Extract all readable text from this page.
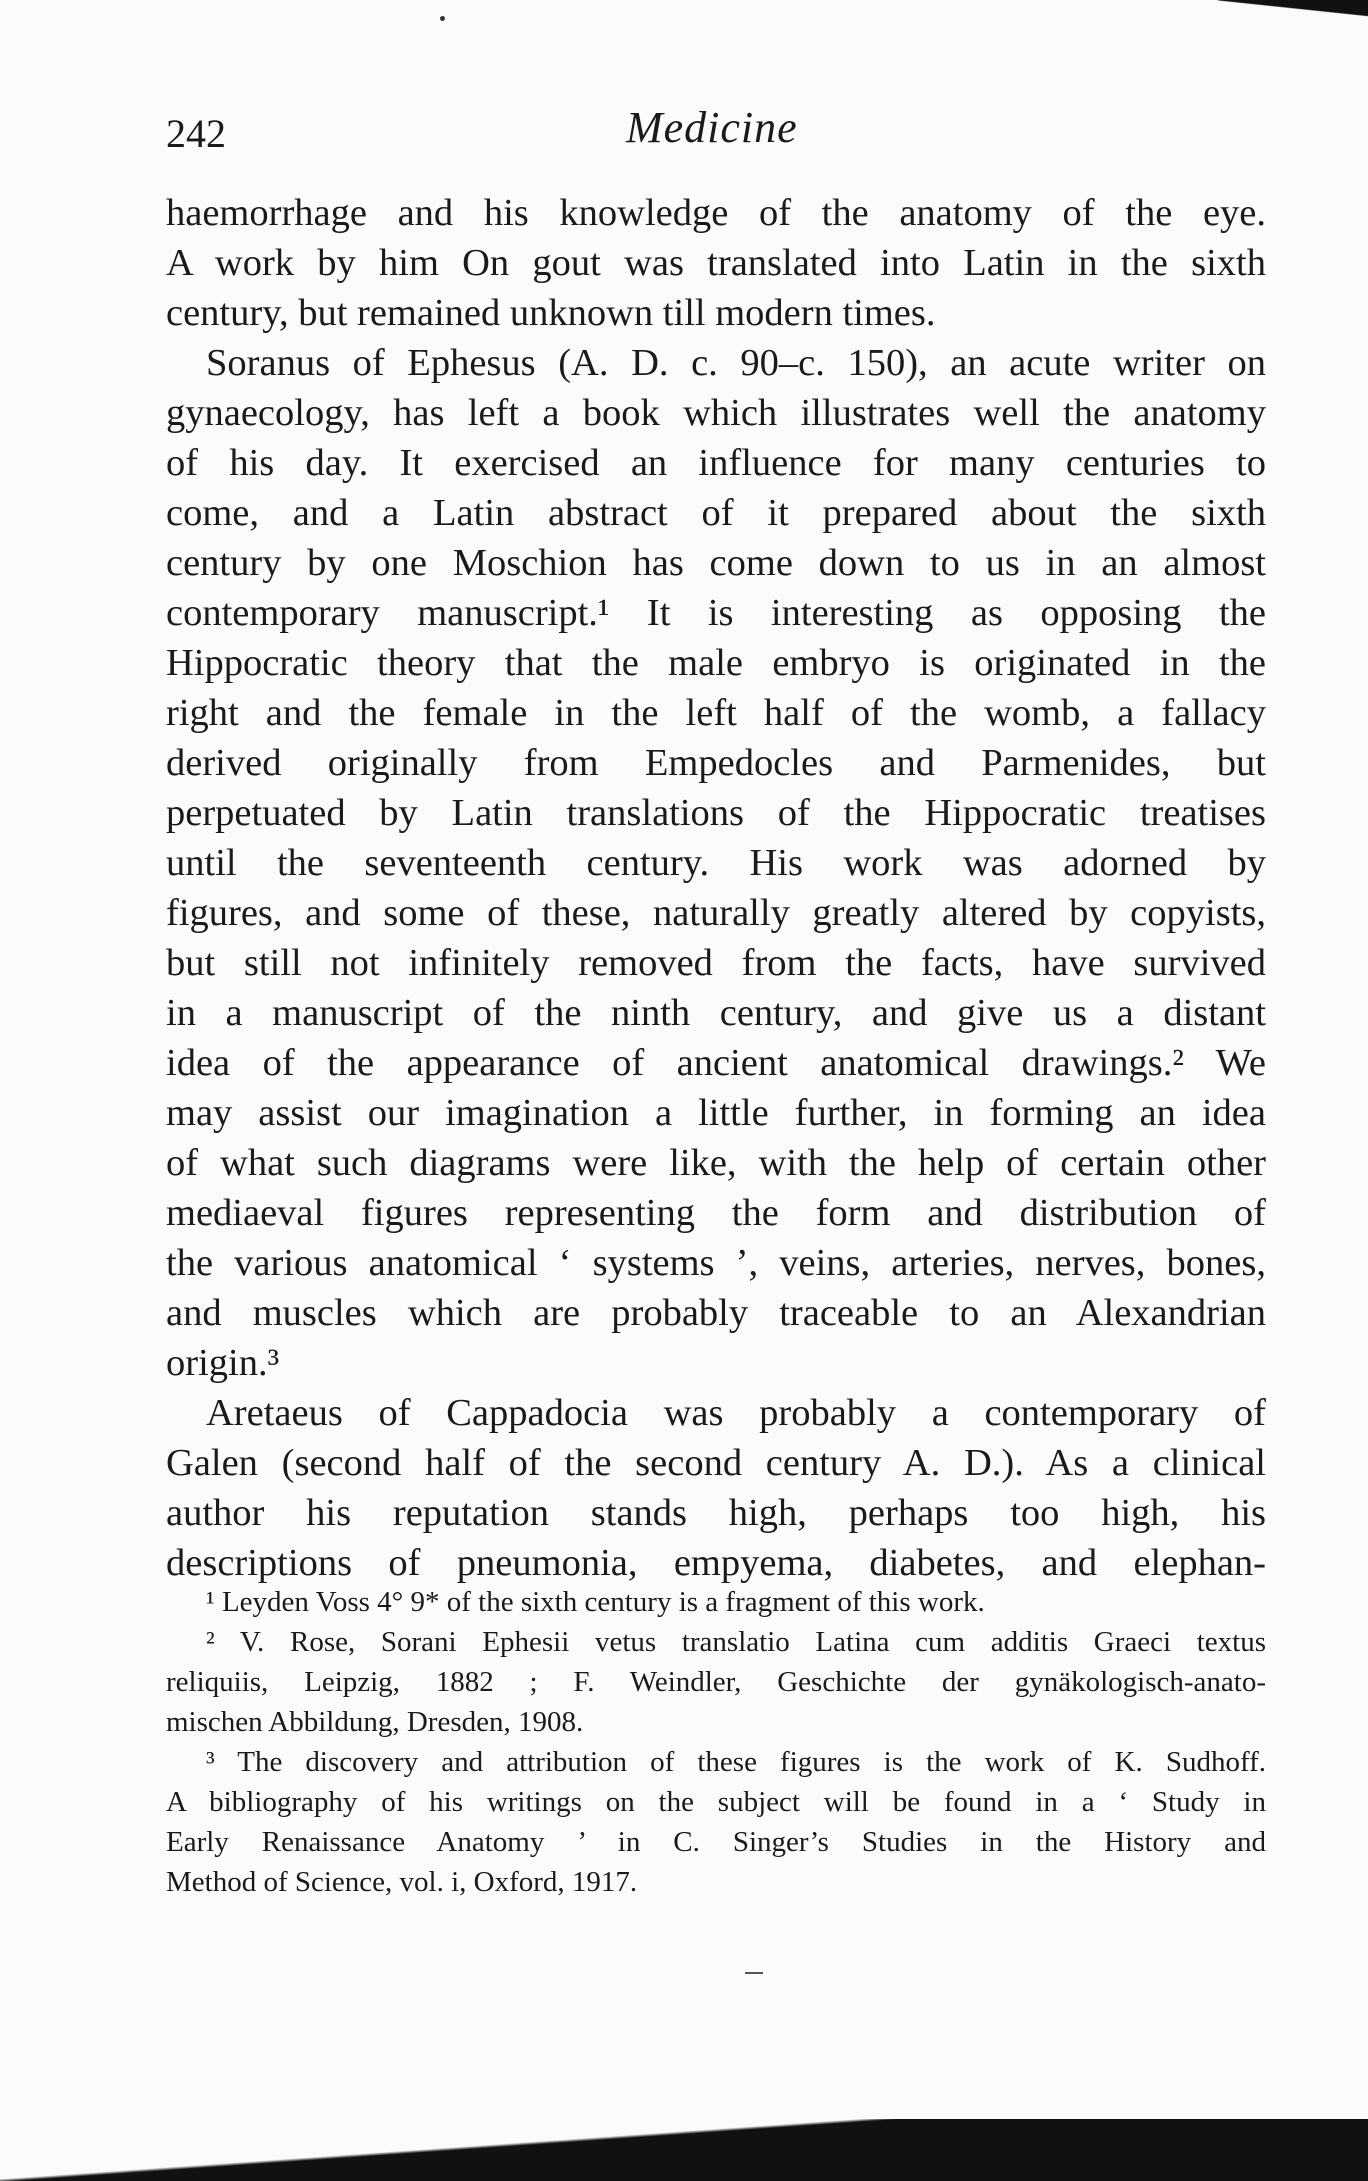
242	Medicine
haemorrhage and his knowledge of the anatomy of the eye.
A work by him On gout was translated into Latin in the sixth
century, but remained unknown till modern times.
Soranus of Ephesus (A. D. c. 90–c. 150), an acute writer on
gynaecology, has left a book which illustrates well the anatomy
of his day. It exercised an influence for many centuries to
come, and a Latin abstract of it prepared about the sixth
century by one Moschion has come down to us in an almost
contemporary manuscript.¹ It is interesting as opposing the
Hippocratic theory that the male embryo is originated in the
right and the female in the left half of the womb, a fallacy
derived originally from Empedocles and Parmenides, but
perpetuated by Latin translations of the Hippocratic treatises
until the seventeenth century. His work was adorned by
figures, and some of these, naturally greatly altered by copyists,
but still not infinitely removed from the facts, have survived
in a manuscript of the ninth century, and give us a distant
idea of the appearance of ancient anatomical drawings.² We
may assist our imagination a little further, in forming an idea
of what such diagrams were like, with the help of certain other
mediaeval figures representing the form and distribution of
the various anatomical ‘ systems ’, veins, arteries, nerves, bones,
and muscles which are probably traceable to an Alexandrian
origin.³
Aretaeus of Cappadocia was probably a contemporary of
Galen (second half of the second century A. D.). As a clinical
author his reputation stands high, perhaps too high, his
descriptions of pneumonia, empyema, diabetes, and elephan-
¹ Leyden Voss 4° 9* of the sixth century is a fragment of this work.
² V. Rose, Sorani Ephesii vetus translatio Latina cum additis Graeci textus
reliquiis, Leipzig, 1882 ; F. Weindler, Geschichte der gynäkologisch-anato-
mischen Abbildung, Dresden, 1908.
³ The discovery and attribution of these figures is the work of K. Sudhoff.
A bibliography of his writings on the subject will be found in a ‘ Study in
Early Renaissance Anatomy ’ in C. Singer’s Studies in the History and
Method of Science, vol. i, Oxford, 1917.
